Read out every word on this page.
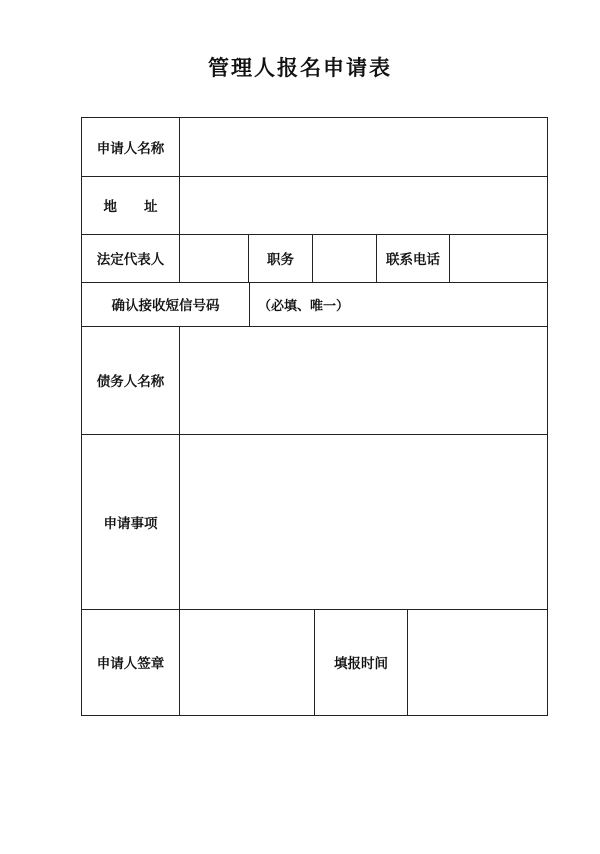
管理人报名申请表
申请人名称
地　　址
法定代表人	职务	联系电话
确认接收短信号码	（必填、唯一）
债务人名称
申请事项
申请人签章	填报时间
